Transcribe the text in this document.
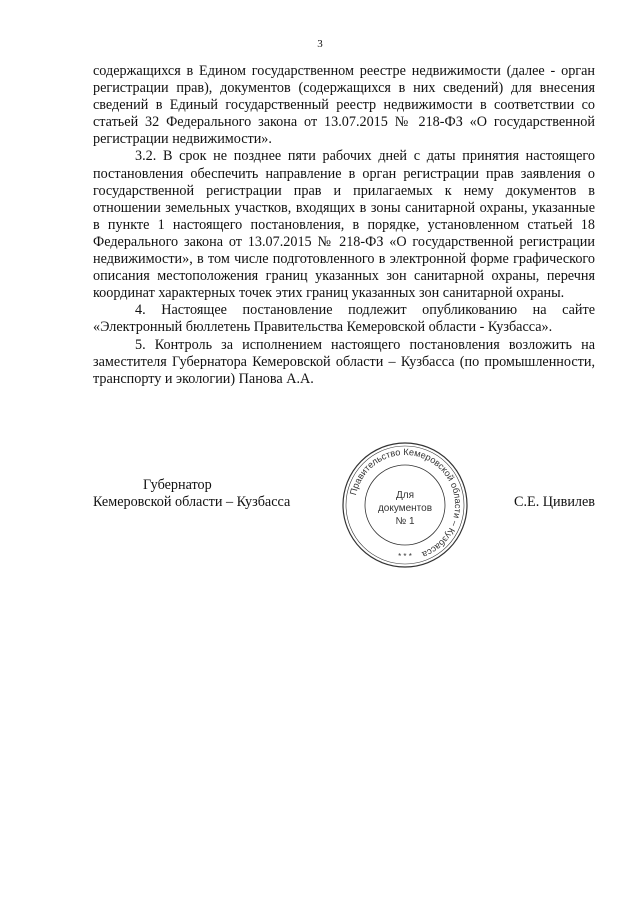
3

содержащихся в Едином государственном реестре недвижимости (далее - орган регистрации прав), документов (содержащихся в них сведений) для внесения сведений в Единый государственный реестр недвижимости в соответствии со статьей 32 Федерального закона от 13.07.2015 № 218-ФЗ «О государственной регистрации недвижимости».

3.2. В срок не позднее пяти рабочих дней с даты принятия настоящего постановления обеспечить направление в орган регистрации прав заявления о государственной регистрации прав и прилагаемых к нему документов в отношении земельных участков, входящих в зоны санитарной охраны, указанные в пункте 1 настоящего постановления, в порядке, установленном статьей 18 Федерального закона от 13.07.2015 № 218-ФЗ «О государственной регистрации недвижимости», в том числе подготовленного в электронной форме графического описания местоположения границ указанных зон санитарной охраны, перечня координат характерных точек этих границ указанных зон санитарной охраны.

4. Настоящее постановление подлежит опубликованию на сайте «Электронный бюллетень Правительства Кемеровской области - Кузбасса».

5. Контроль за исполнением настоящего постановления возложить на заместителя Губернатора Кемеровской области – Кузбасса (по промышленности, транспорту и экологии) Панова А.А.

Губернатор
Кемеровской области – Кузбасса	С.Е. Цивилев
Правительство Кемеровской области – Кузбасса
Для
документов
№ 1
* * *
